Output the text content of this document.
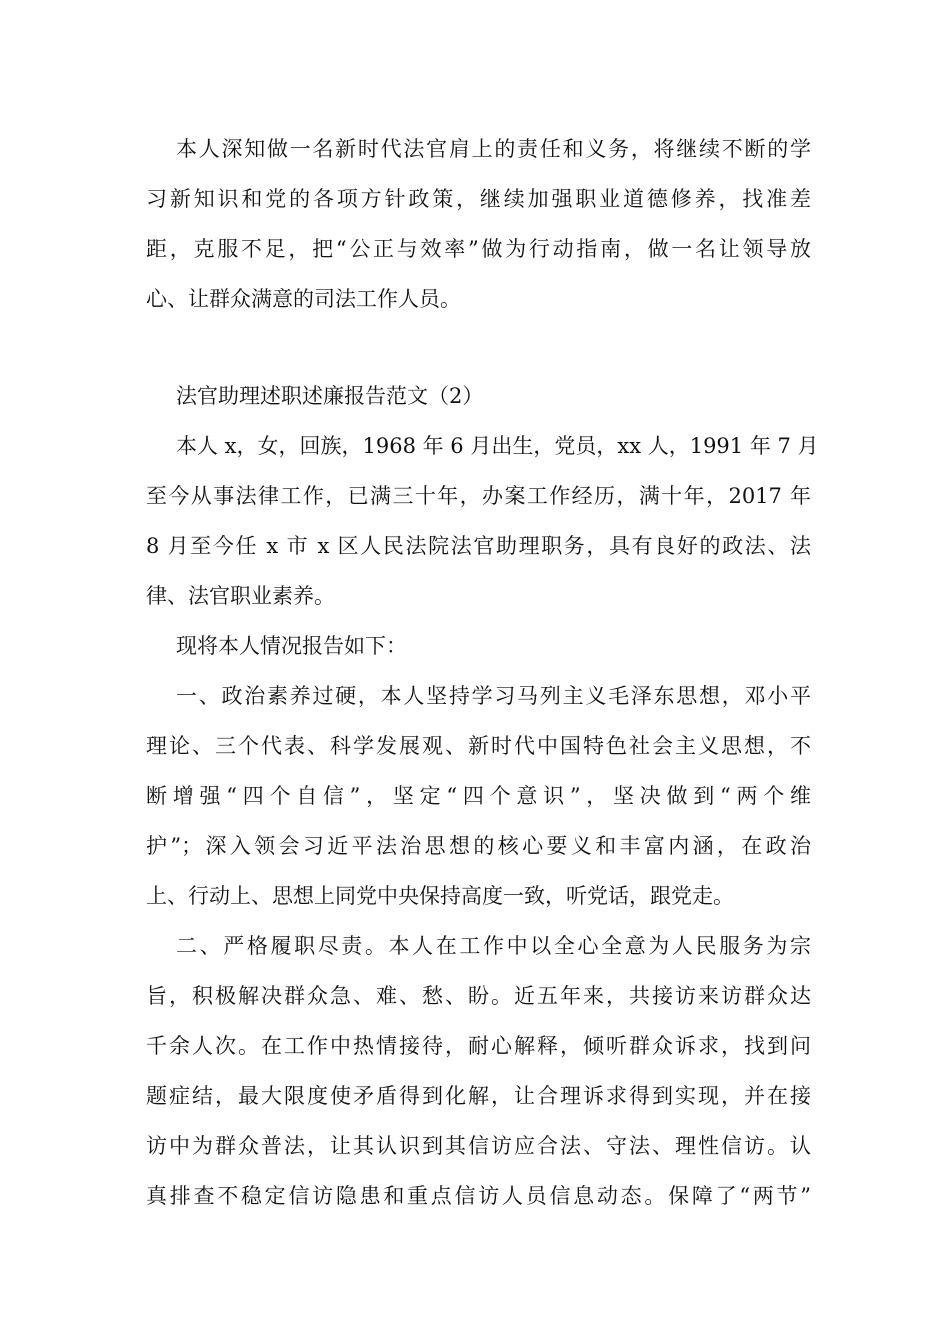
本人深知做一名新时代法官肩上的责任和义务，将继续不断的学

习新知识和党的各项方针政策，继续加强职业道德修养，找准差

距，克服不足，把“公正与效率”做为行动指南，做一名让领导放

心、让群众满意的司法工作人员。

法官助理述职述廉报告范文（2）

本人 x，女，回族，1968 年 6 月出生，党员，xx 人，1991 年 7 月

至今从事法律工作，已满三十年，办案工作经历，满十年，2017 年

8 月至今任 x 市 x 区人民法院法官助理职务，具有良好的政法、法

律、法官职业素养。

现将本人情况报告如下：

一、政治素养过硬，本人坚持学习马列主义毛泽东思想，邓小平

理论、三个代表、科学发展观、新时代中国特色社会主义思想，不

断增强“四个自信”，坚定“四个意识”，坚决做到“两个维

护”；深入领会习近平法治思想的核心要义和丰富内涵，在政治

上、行动上、思想上同党中央保持高度一致，听党话，跟党走。

二、严格履职尽责。本人在工作中以全心全意为人民服务为宗

旨，积极解决群众急、难、愁、盼。近五年来，共接访来访群众达

千余人次。在工作中热情接待，耐心解释，倾听群众诉求，找到问

题症结，最大限度使矛盾得到化解，让合理诉求得到实现，并在接

访中为群众普法，让其认识到其信访应合法、守法、理性信访。认

真排查不稳定信访隐患和重点信访人员信息动态。保障了“两节”
